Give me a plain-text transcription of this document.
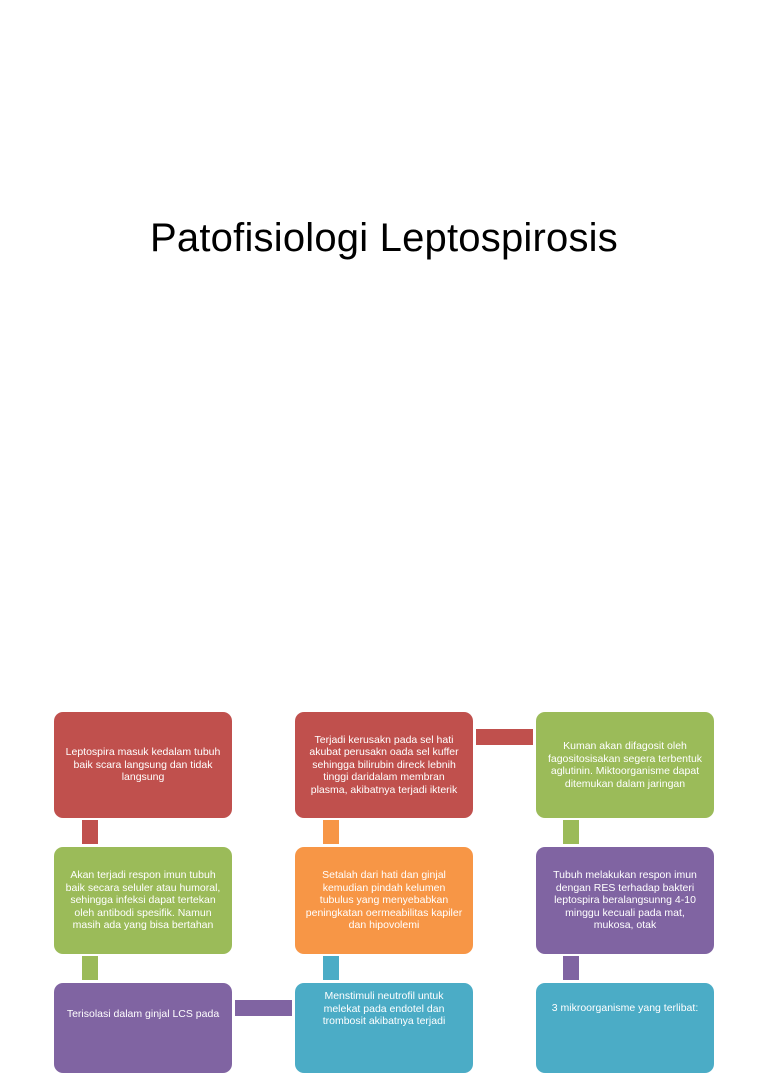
Patofisiologi Leptospirosis
Leptospira masuk kedalam tubuh baik scara langsung dan tidak langsung
Terjadi kerusakn pada sel hati akubat perusakn oada sel kuffer sehingga bilirubin direck lebnih tinggi daridalam membran plasma, akibatnya terjadi ikterik
Kuman akan difagosit oleh fagositosisakan segera terbentuk aglutinin. Miktoorganisme dapat ditemukan dalam jaringan
Akan terjadi respon imun tubuh baik secara seluler atau humoral, sehingga infeksi dapat tertekan oleh antibodi spesifik. Namun masih ada yang bisa bertahan
Setalah dari hati dan ginjal kemudian pindah kelumen tubulus yang menyebabkan peningkatan oermeabilitas kapiler dan hipovolemi
Tubuh melakukan respon imun dengan RES terhadap bakteri leptospira beralangsunng 4-10 minggu kecuali pada mat, mukosa, otak
Terisolasi dalam ginjal LCS pada
Menstimuli neutrofil untuk melekat pada endotel dan trombosit akibatnya terjadi
3 mikroorganisme yang terlibat:
